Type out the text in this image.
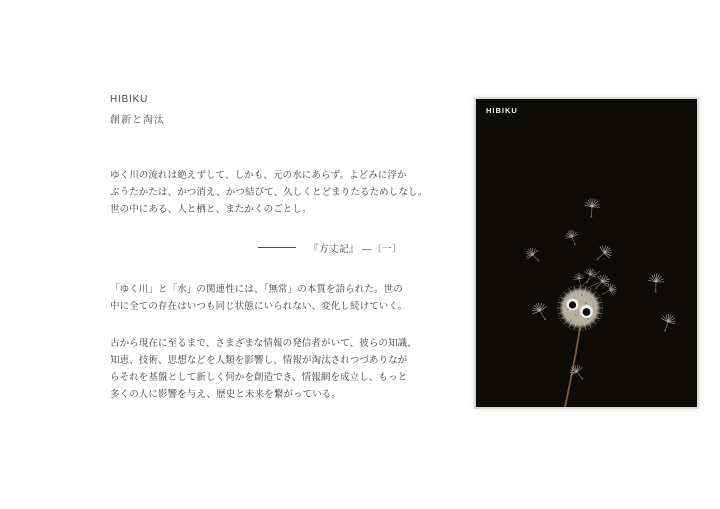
HIBIKU
創新と淘汰
ゆく川の流れは絶えずして、しかも、元の水にあらず。よどみに浮か
ぶうたかたは、かつ消え、かつ結びて、久しくとどまりたるためしなし。
世の中にある、人と栖と、またかくのごとし。
『方丈記』 —〔一〕
「ゆく川」と「水」の関連性には、「無常」の本質を語られた。世の
中に全ての存在はいつも同じ状態にいられない、変化し続けていく。
古から現在に至るまで、さまざまな情報の発信者がいて、彼らの知識、
知恵、技術、思想などを人類を影響し、情報が淘汰されつづありなが
らそれを基盤として新しく何かを創造でき、情報網を成立し、もっと
多くの人に影響を与え、歴史と未来を繋がっている。
HIBIKU
